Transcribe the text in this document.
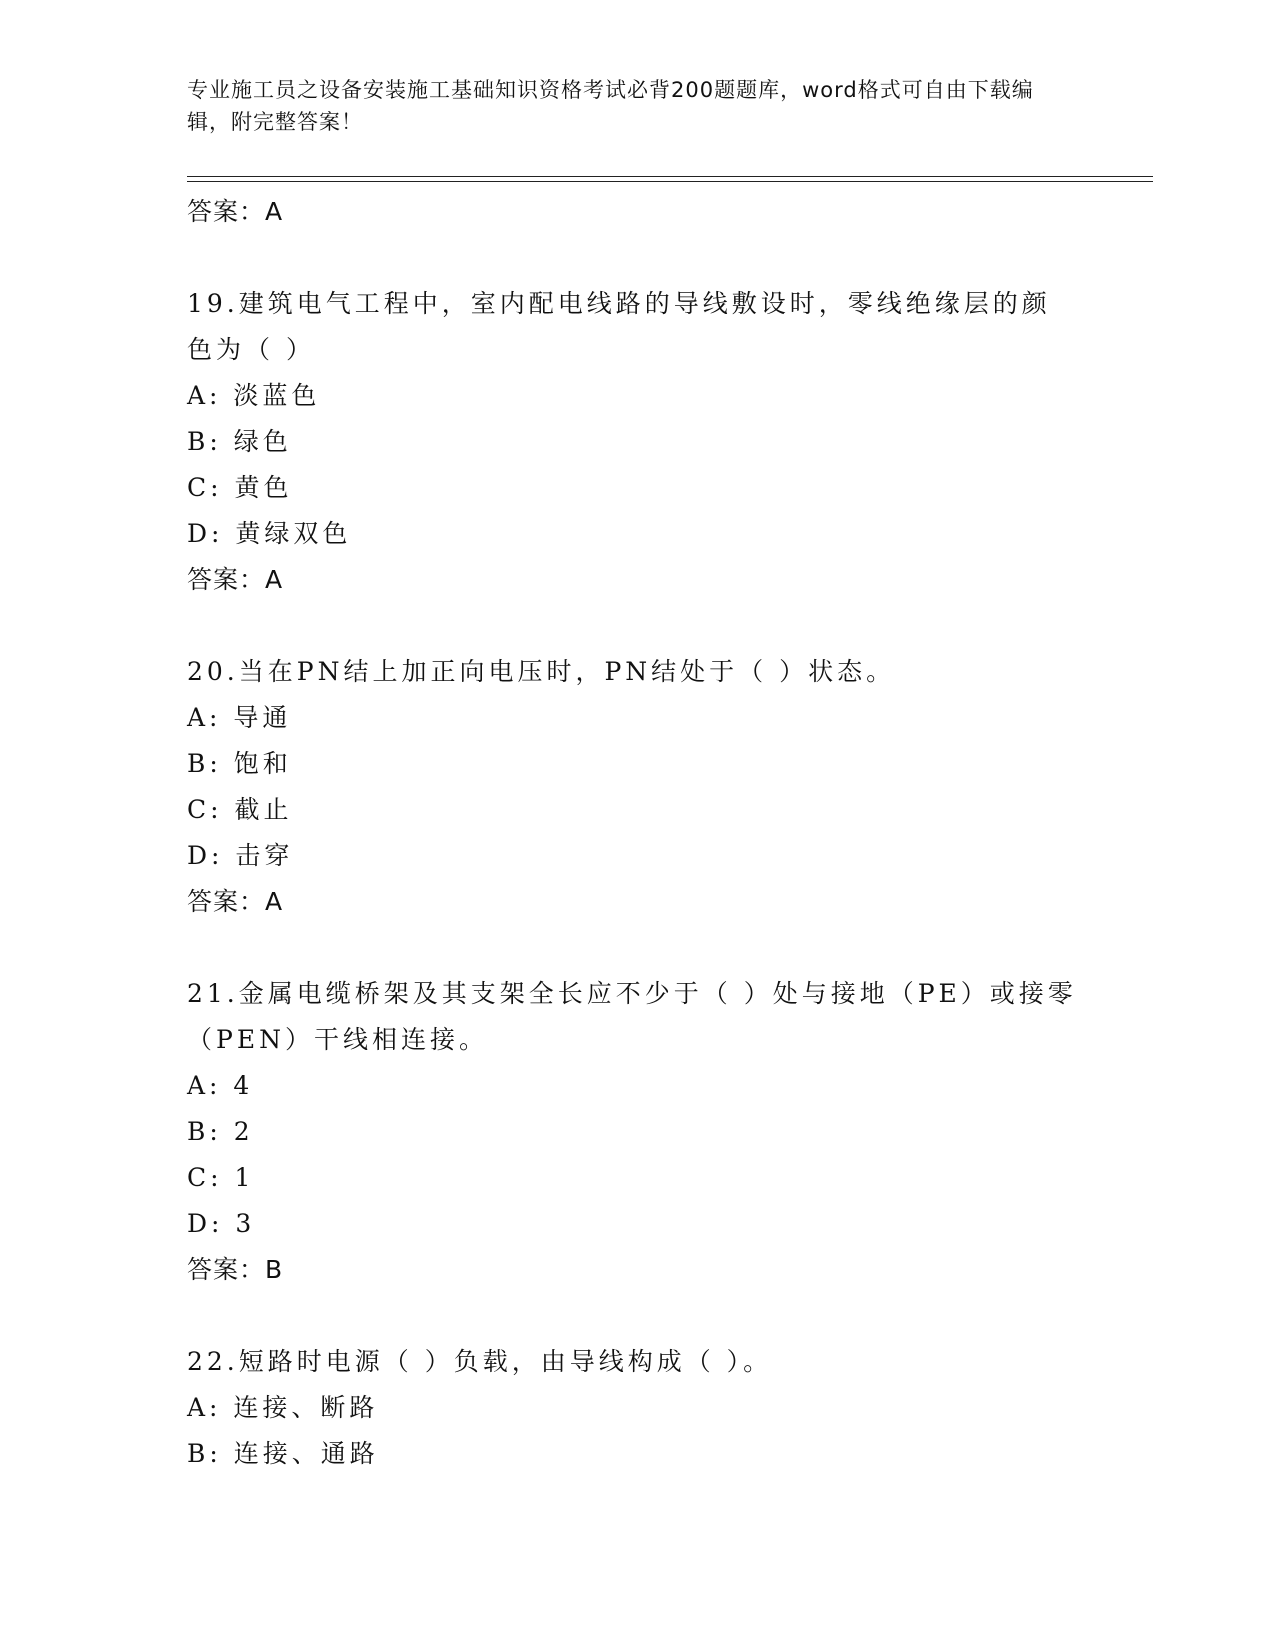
专业施工员之设备安装施工基础知识资格考试必背200题题库，word格式可自由下载编辑，附完整答案！
答案：A
19.建筑电气工程中，室内配电线路的导线敷设时，零线绝缘层的颜色为（ ）
A: 淡蓝色
B: 绿色
C: 黄色
D: 黄绿双色
答案：A
20.当在PN结上加正向电压时，PN结处于（ ）状态。
A: 导通
B: 饱和
C: 截止
D: 击穿
答案：A
21.金属电缆桥架及其支架全长应不少于（ ）处与接地（PE）或接零（PEN）干线相连接。
A: 4
B: 2
C: 1
D: 3
答案：B
22.短路时电源（ ）负载，由导线构成（ ）。
A: 连接、断路
B: 连接、通路
